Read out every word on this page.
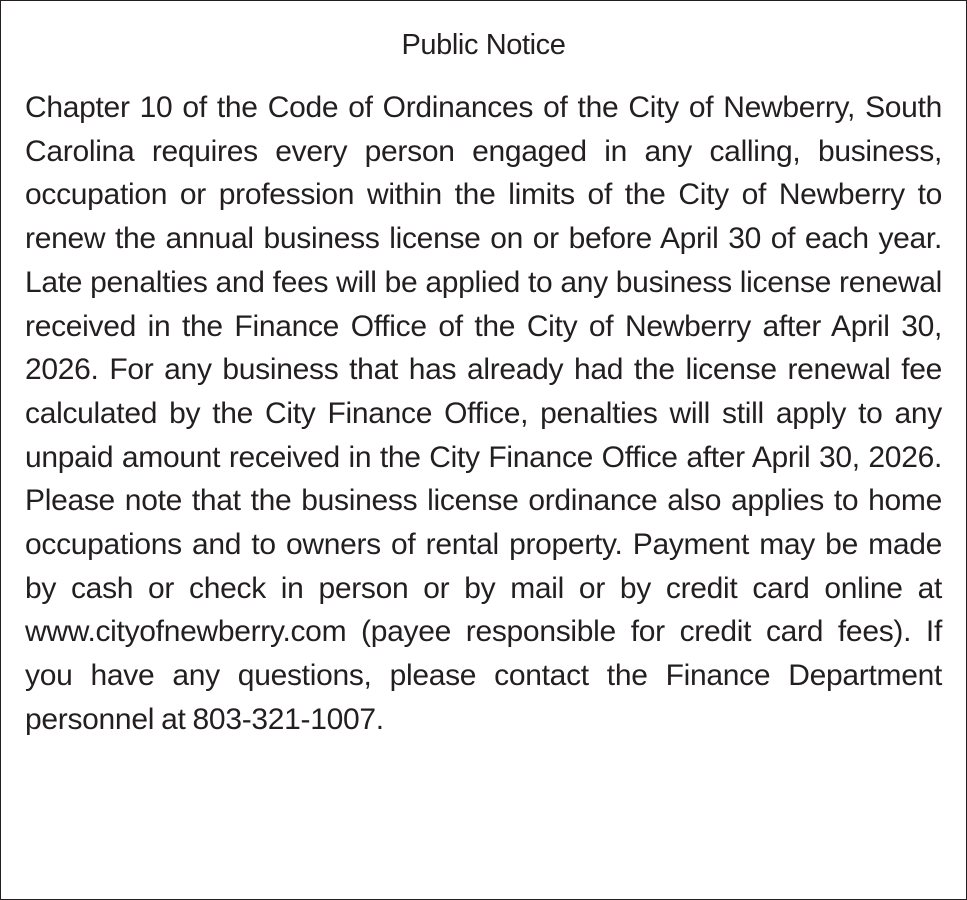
Public Notice

Chapter 10 of the Code of Ordinances of the City of Newberry, South Carolina requires every person engaged in any calling, business, occupation or profession within the limits of the City of Newberry to renew the annual business license on or before April 30 of each year. Late penalties and fees will be applied to any business license renewal received in the Finance Office of the City of Newberry after April 30, 2026. For any business that has already had the license renewal fee calculated by the City Finance Office, penalties will still apply to any unpaid amount received in the City Finance Office after April 30, 2026. Please note that the business license ordinance also applies to home occupations and to owners of rental property. Payment may be made by cash or check in person or by mail or by credit card online at www.cityofnewberry.com (payee responsible for credit card fees). If you have any questions, please contact the Finance Department personnel at 803-321-1007.
